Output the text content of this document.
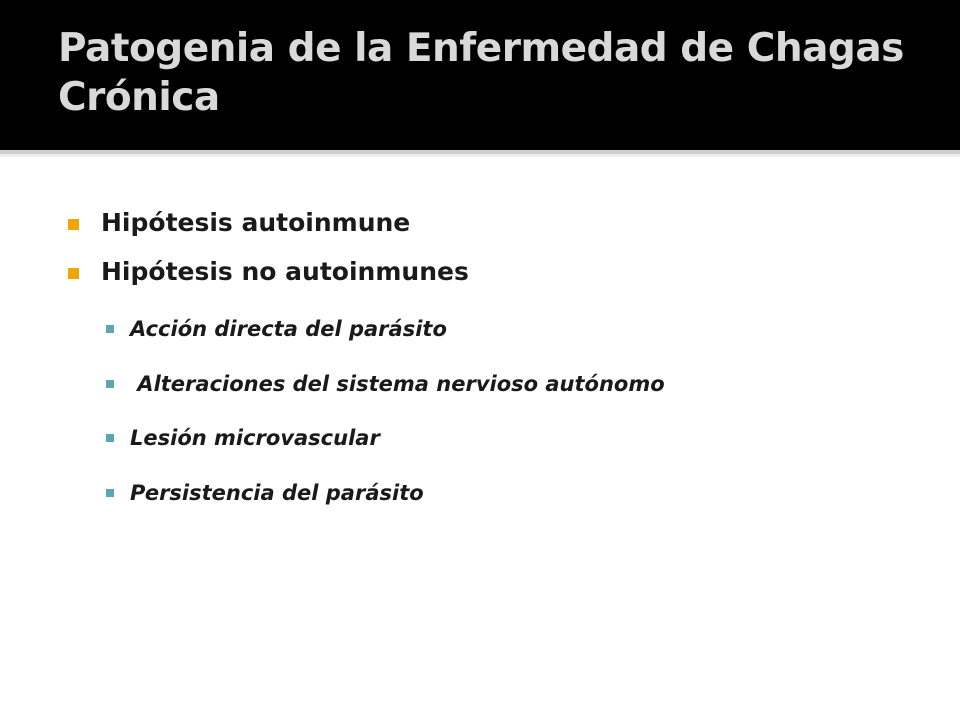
Patogenia de la Enfermedad de Chagas Crónica
Hipótesis autoinmune
Hipótesis no autoinmunes
Acción directa del parásito
Alteraciones del sistema nervioso autónomo
Lesión microvascular
Persistencia del parásito
